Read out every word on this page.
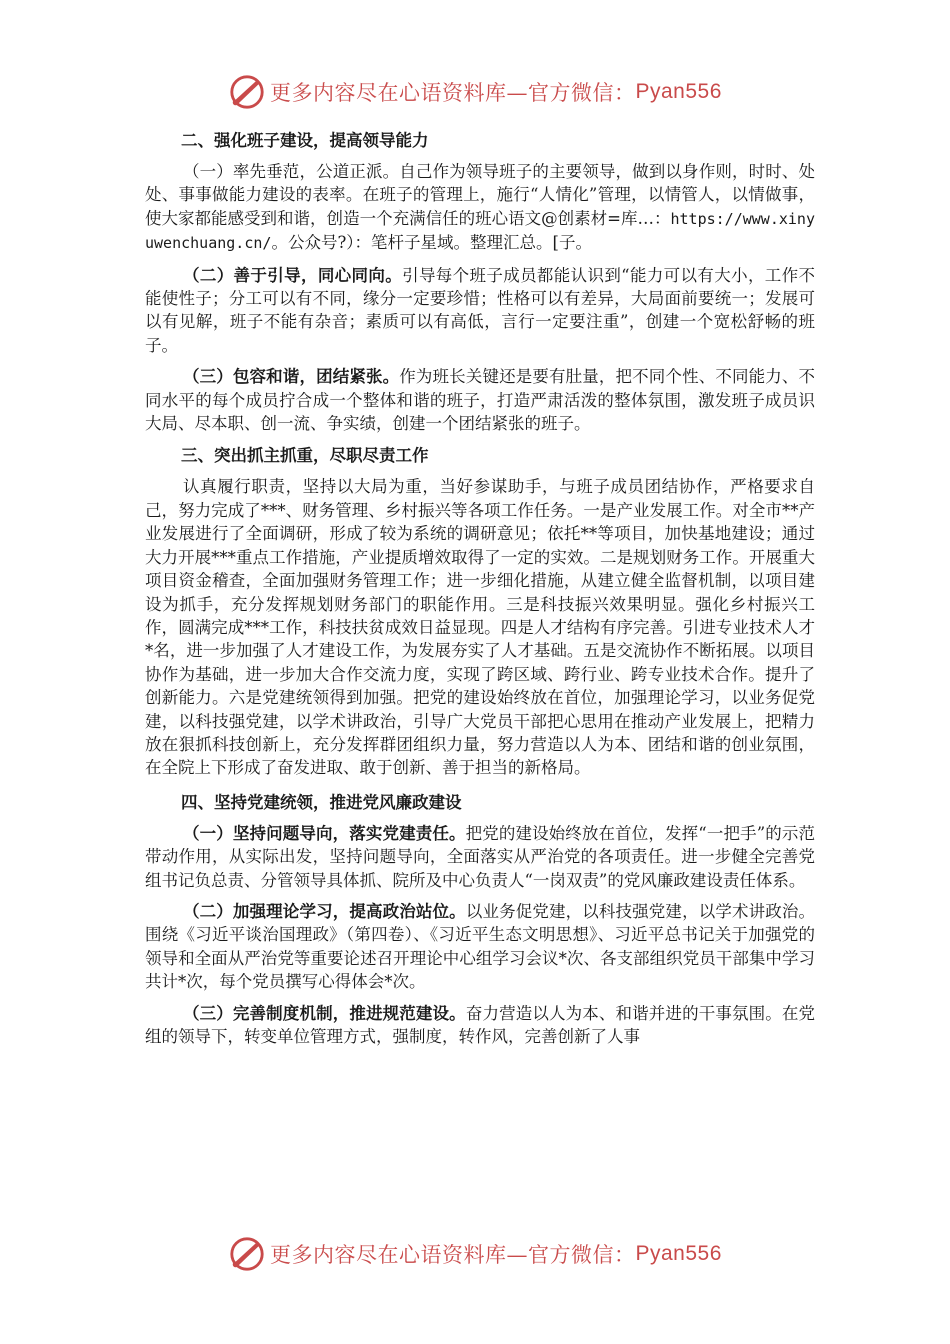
更多内容尽在心语资料库—官方微信： Pyan556
二、强化班子建设，提高领导能力

（一）率先垂范，公道正派。自己作为领导班子的主要领导，做到以身作则，时时、处处、事事做能力建设的表率。在班子的管理上，施行“人情化”管理，以情管人，以情做事，使大家都能感受到和谐，创造一个充满信任的班心语文@创素材=库…：https://www.xinyuwenchuang.cn/。公众号?）：笔杆子星域。整理汇总。[子。

（二）善于引导，同心同向。引导每个班子成员都能认识到“能力可以有大小，工作不能使性子；分工可以有不同，缘分一定要珍惜；性格可以有差异，大局面前要统一；发展可以有见解，班子不能有杂音；素质可以有高低，言行一定要注重”，创建一个宽松舒畅的班子。

（三）包容和谐，团结紧张。作为班长关键还是要有肚量，把不同个性、不同能力、不同水平的每个成员拧合成一个整体和谐的班子，打造严肃活泼的整体氛围，激发班子成员识大局、尽本职、创一流、争实绩，创建一个团结紧张的班子。

三、突出抓主抓重，尽职尽责工作

认真履行职责，坚持以大局为重，当好参谋助手，与班子成员团结协作，严格要求自己，努力完成了***、财务管理、乡村振兴等各项工作任务。一是产业发展工作。对全市**产业发展进行了全面调研，形成了较为系统的调研意见；依托**等项目，加快基地建设；通过大力开展***重点工作措施，产业提质增效取得了一定的实效。二是规划财务工作。开展重大项目资金稽查，全面加强财务管理工作；进一步细化措施，从建立健全监督机制，以项目建设为抓手，充分发挥规划财务部门的职能作用。三是科技振兴效果明显。强化乡村振兴工作，圆满完成***工作，科技扶贫成效日益显现。四是人才结构有序完善。引进专业技术人才*名，进一步加强了人才建设工作，为发展夯实了人才基础。五是交流协作不断拓展。以项目协作为基础，进一步加大合作交流力度，实现了跨区域、跨行业、跨专业技术合作。提升了创新能力。六是党建统领得到加强。把党的建设始终放在首位，加强理论学习，以业务促党建，以科技强党建，以学术讲政治，引导广大党员干部把心思用在推动产业发展上，把精力放在狠抓科技创新上，充分发挥群团组织力量，努力营造以人为本、团结和谐的创业氛围，在全院上下形成了奋发进取、敢于创新、善于担当的新格局。

四、坚持党建统领，推进党风廉政建设

（一）坚持问题导向，落实党建责任。把党的建设始终放在首位，发挥“一把手”的示范带动作用，从实际出发，坚持问题导向，全面落实从严治党的各项责任。进一步健全完善党组书记负总责、分管领导具体抓、院所及中心负责人“一岗双责”的党风廉政建设责任体系。

（二）加强理论学习，提高政治站位。以业务促党建，以科技强党建，以学术讲政治。围绕《习近平谈治国理政》（第四卷）、《习近平生态文明思想》、习近平总书记关于加强党的领导和全面从严治党等重要论述召开理论中心组学习会议*次、各支部组织党员干部集中学习共计*次，每个党员撰写心得体会*次。

（三）完善制度机制，推进规范建设。奋力营造以人为本、和谐并进的干事氛围。在党组的领导下，转变单位管理方式，强制度，转作风，完善创新了人事

更多内容尽在心语资料库—官方微信： Pyan556
